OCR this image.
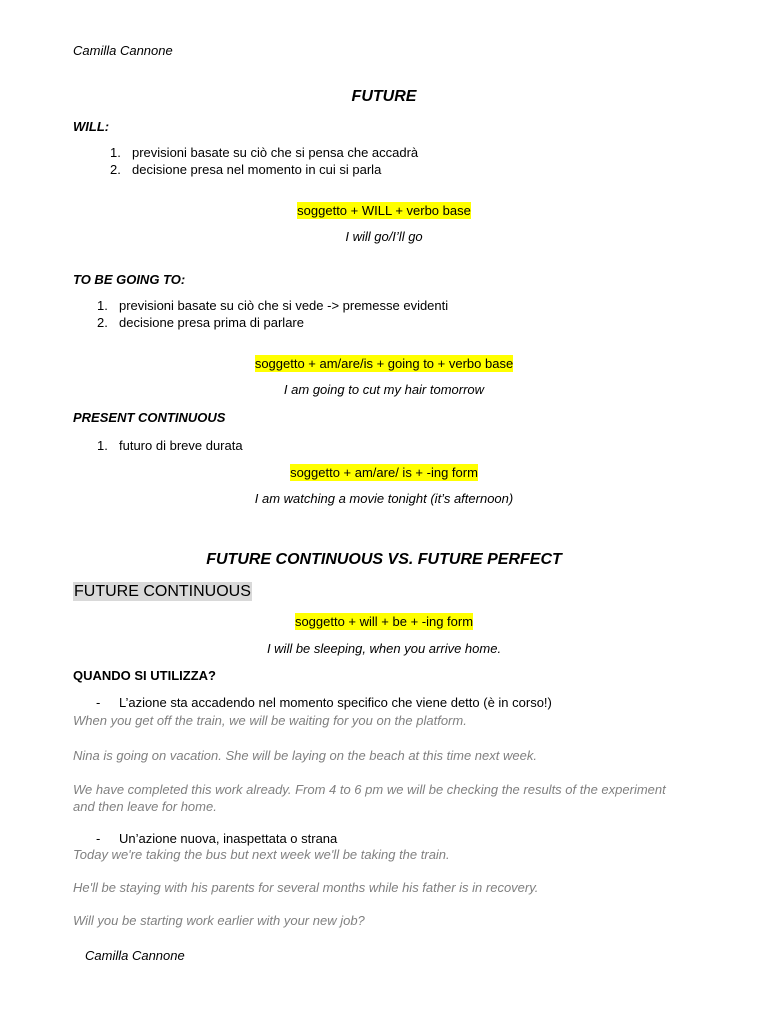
Camilla Cannone
FUTURE
WILL:
1. previsioni basate su ciò che si pensa che accadrà
2. decisione presa nel momento in cui si parla
soggetto + WILL + verbo base
I will go/I’ll go
TO BE GOING TO:
1. previsioni basate su ciò che si vede -> premesse evidenti
2. decisione presa prima di parlare
soggetto + am/are/is + going to + verbo base
I am going to cut my hair tomorrow
PRESENT CONTINUOUS
1. futuro di breve durata
soggetto + am/are/ is + -ing form
I am watching a movie tonight (it’s afternoon)
FUTURE CONTINUOUS VS. FUTURE PERFECT
FUTURE CONTINUOUS
soggetto + will + be + -ing form
I will be sleeping, when you arrive home.
QUANDO SI UTILIZZA?
- L’azione sta accadendo nel momento specifico che viene detto (è in corso!)
When you get off the train, we will be waiting for you on the platform.
Nina is going on vacation. She will be laying on the beach at this time next week.
We have completed this work already. From 4 to 6 pm we will be checking the results of the experiment
and then leave for home.
- Un’azione nuova, inaspettata o strana
Today we're taking the bus but next week we'll be taking the train.
He'll be staying with his parents for several months while his father is in recovery.
Will you be starting work earlier with your new job?
Camilla Cannone
